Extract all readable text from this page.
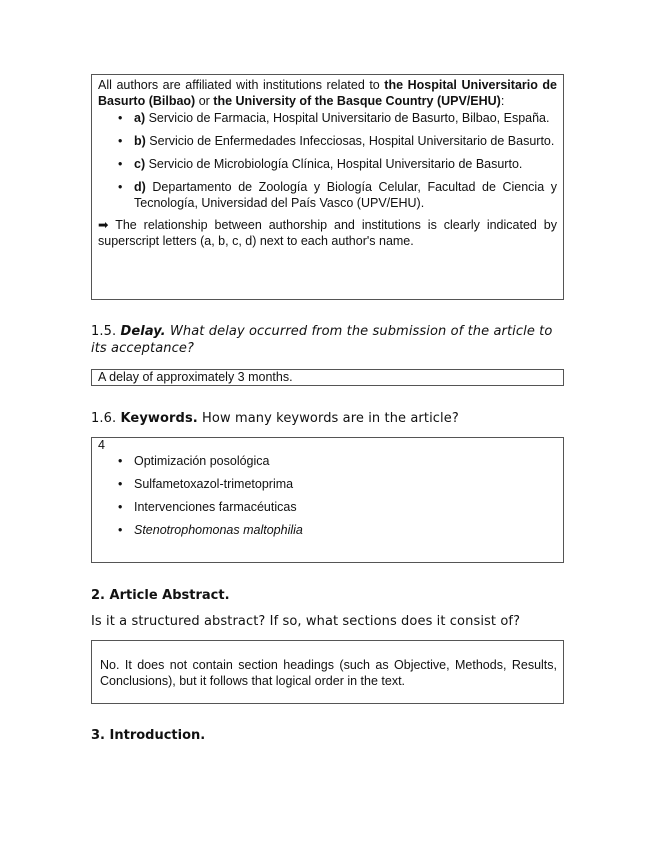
All authors are affiliated with institutions related to the Hospital Universitario de Basurto (Bilbao) or the University of the Basque Country (UPV/EHU):

• a) Servicio de Farmacia, Hospital Universitario de Basurto, Bilbao, España.
• b) Servicio de Enfermedades Infecciosas, Hospital Universitario de Basurto.
• c) Servicio de Microbiología Clínica, Hospital Universitario de Basurto.
• d) Departamento de Zoología y Biología Celular, Facultad de Ciencia y Tecnología, Universidad del País Vasco (UPV/EHU).

➡ The relationship between authorship and institutions is clearly indicated by superscript letters (a, b, c, d) next to each author's name.

1.5. Delay. What delay occurred from the submission of the article to its acceptance?
A delay of approximately 3 months.
1.6. Keywords. How many keywords are in the article?

4

• Optimización posológica
• Sulfametoxazol-trimetoprima
• Intervenciones farmacéuticas
• Stenotrophomonas maltophilia
2. Article Abstract.
Is it a structured abstract? If so, what sections does it consist of?

No. It does not contain section headings (such as Objective, Methods, Results, Conclusions), but it follows that logical order in the text.

3. Introduction.
